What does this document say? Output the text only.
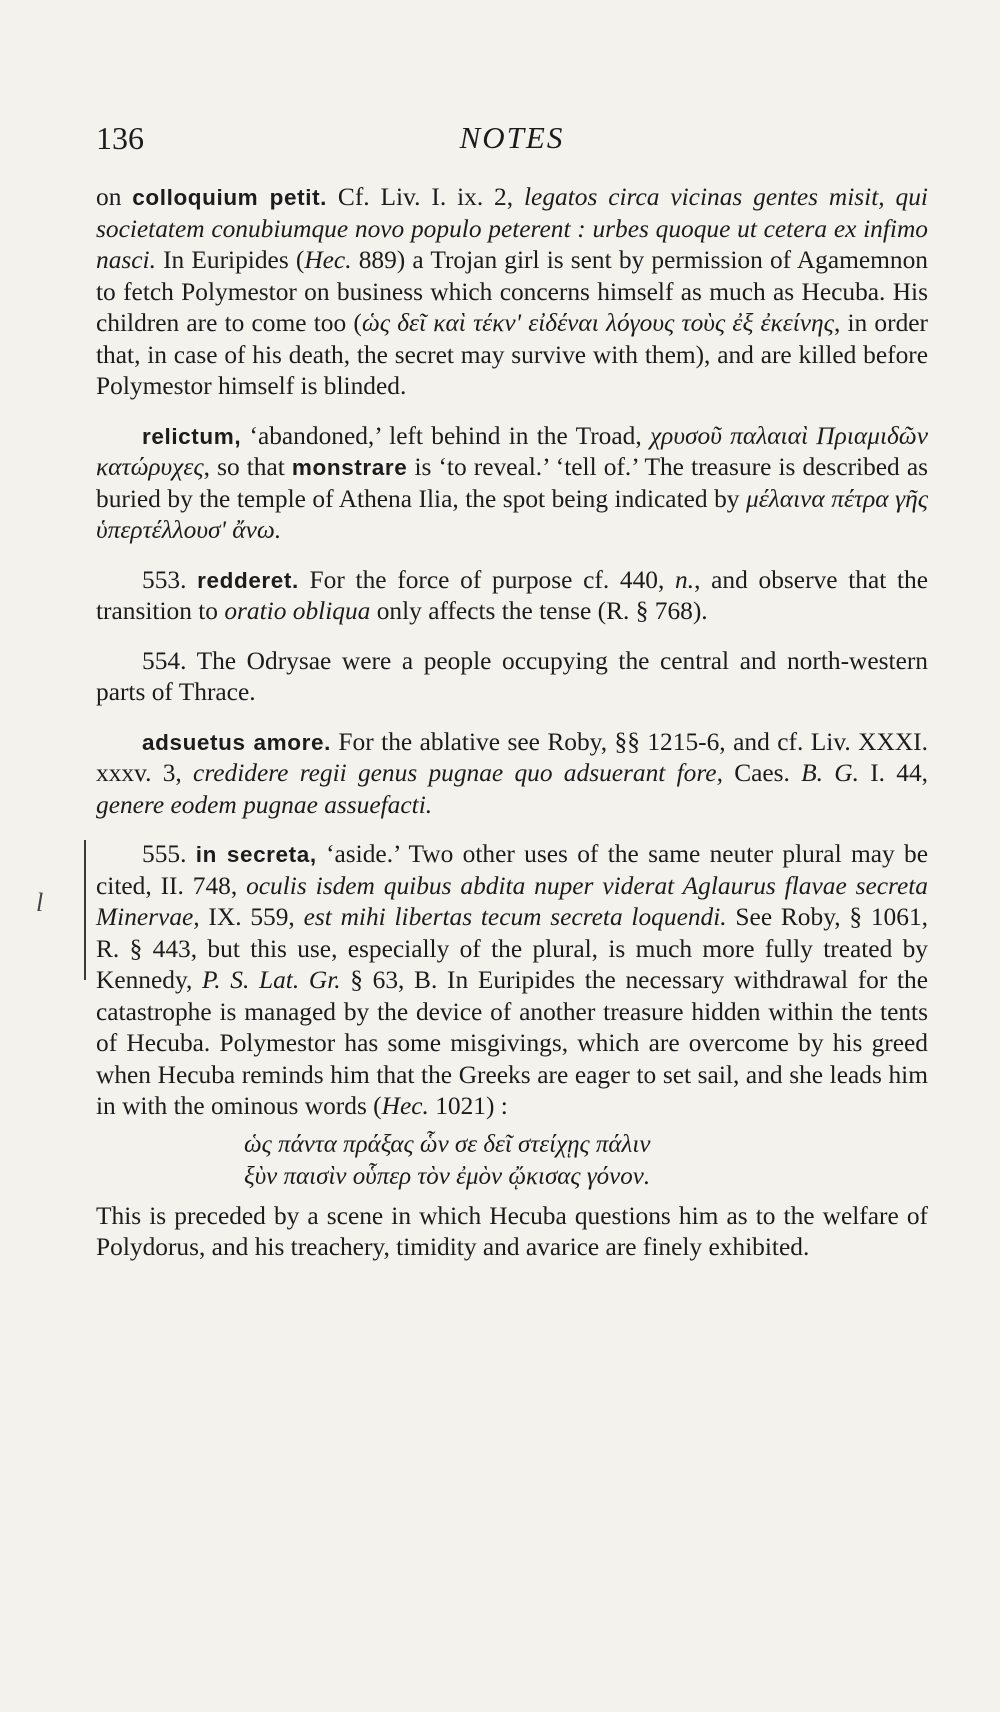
136	NOTES
l

on colloquium petit. Cf. Liv. I. ix. 2, legatos circa vicinas gentes misit, qui societatem conubiumque novo populo peterent : urbes quoque ut cetera ex infimo nasci. In Euripides (Hec. 889) a Trojan girl is sent by permission of Agamemnon to fetch Polymestor on business which concerns himself as much as Hecuba. His children are to come too (ὡς δεῖ καὶ τέκν' εἰδέναι λόγους τοὺς ἐξ ἐκείνης, in order that, in case of his death, the secret may survive with them), and are killed before Polymestor himself is blinded.

relictum, ‘abandoned,’ left behind in the Troad, χρυσοῦ παλαιαὶ Πριαμιδῶν κατώρυχες, so that monstrare is ‘to reveal.’ ‘tell of.’ The treasure is described as buried by the temple of Athena Ilia, the spot being indicated by μέλαινα πέτρα γῆς ὑπερτέλλουσ' ἄνω.

553. redderet. For the force of purpose cf. 440, n., and observe that the transition to oratio obliqua only affects the tense (R. § 768).

554. The Odrysae were a people occupying the central and north-western parts of Thrace.

adsuetus amore. For the ablative see Roby, §§ 1215-6, and cf. Liv. XXXI. xxxv. 3, credidere regii genus pugnae quo adsuerant fore, Caes. B. G. I. 44, genere eodem pugnae assuefacti.

555. in secreta, ‘aside.’ Two other uses of the same neuter plural may be cited, II. 748, oculis isdem quibus abdita nuper viderat Aglaurus flavae secreta Minervae, IX. 559, est mihi libertas tecum secreta loquendi. See Roby, § 1061, R. § 443, but this use, especially of the plural, is much more fully treated by Kennedy, P. S. Lat. Gr. § 63, B. In Euripides the necessary withdrawal for the catastrophe is managed by the device of another treasure hidden within the tents of Hecuba. Polymestor has some misgivings, which are overcome by his greed when Hecuba reminds him that the Greeks are eager to set sail, and she leads him in with the ominous words (Hec. 1021) :

ὡς πάντα πράξας ὧν σε δεῖ στείχῃς πάλιν
ξὺν παισὶν οὗπερ τὸν ἐμὸν ᾤκισας γόνον.

This is preceded by a scene in which Hecuba questions him as to the welfare of Polydorus, and his treachery, timidity and avarice are finely exhibited.
